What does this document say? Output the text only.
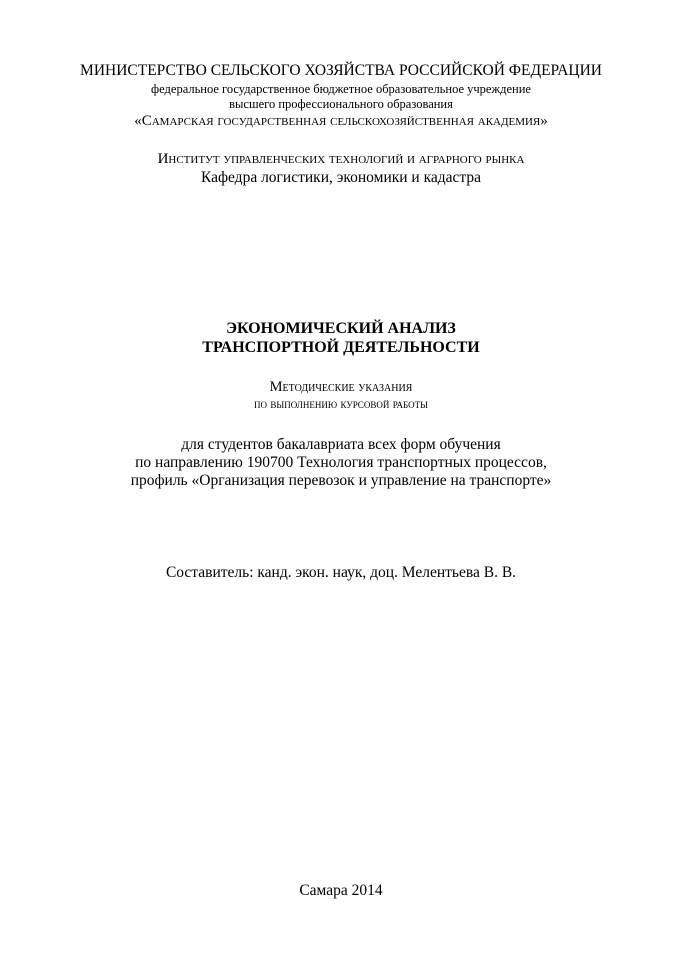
МИНИСТЕРСТВО СЕЛЬСКОГО ХОЗЯЙСТВА РОССИЙСКОЙ ФЕДЕРАЦИИ
федеральное государственное бюджетное образовательное учреждение
высшего профессионального образования
«Самарская государственная сельскохозяйственная академия»
Институт управленческих технологий и аграрного рынка
Кафедра логистики, экономики и кадастра
ЭКОНОМИЧЕСКИЙ АНАЛИЗ
ТРАНСПОРТНОЙ ДЕЯТЕЛЬНОСТИ
Методические указания
по выполнению курсовой работы
для студентов бакалавриата всех форм обучения
по направлению 190700 Технология транспортных процессов,
профиль «Организация перевозок и управление на транспорте»
Составитель: канд. экон. наук, доц. Мелентьева В. В.
Самара 2014
